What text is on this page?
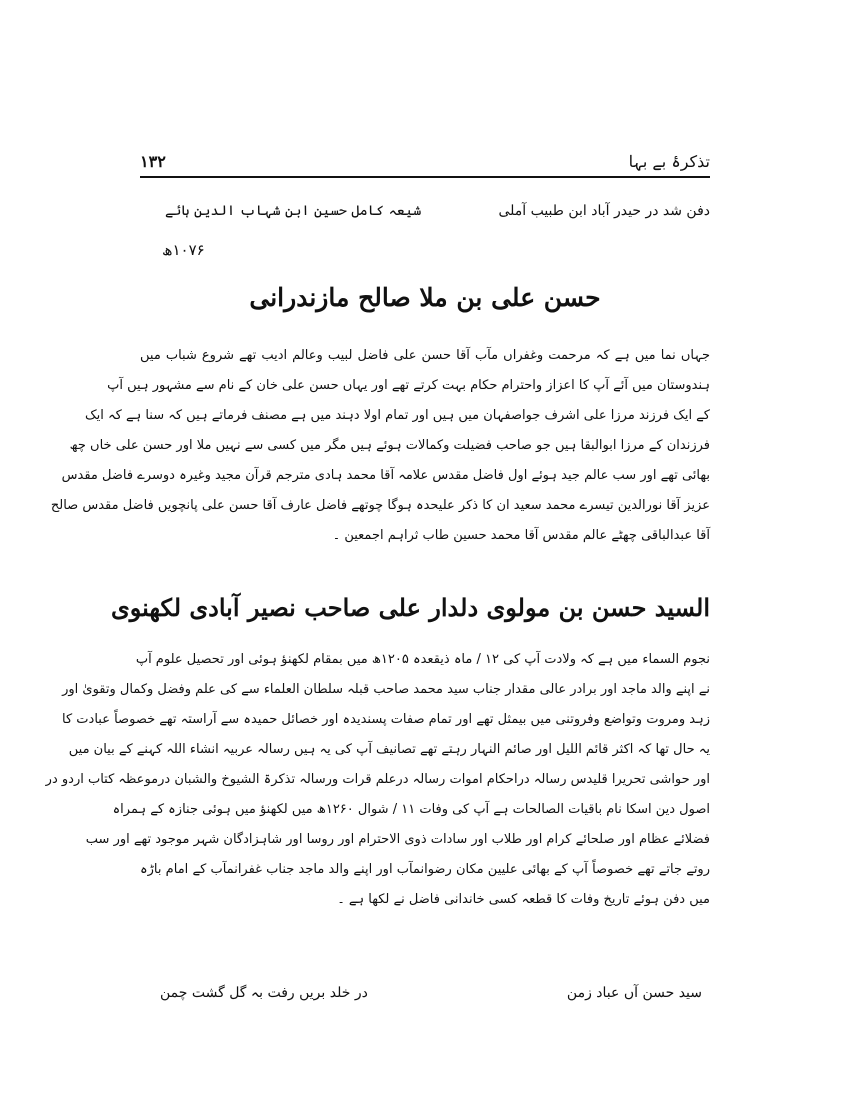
تذکرۂ بے بہا
۱۳۲
دفن شد در حیدر آباد ابن طبیب آملی
شیعہ کامل حسین ابن شہاب الدین ہائے
۱۰۷۶ھ
حسن علی بن ملا صالح مازندرانی
جہاں نما میں ہے کہ مرحمت وغفراں مآب آقا حسن علی فاضل لبیب وعالم ادیب تھے شروع شباب میں
ہندوستان میں آئے آپ کا اعزاز واحترام حکام بہت کرتے تھے اور یہاں حسن علی خان کے نام سے مشہور ہیں آپ
کے ایک فرزند مرزا علی اشرف جواصفہان میں ہیں اور تمام اولا دہند میں ہے مصنف فرماتے ہیں کہ سنا ہے کہ ایک
فرزندان کے مرزا ابوالبقا ہیں جو صاحب فضیلت وکمالات ہوئے ہیں مگر میں کسی سے نہیں ملا اور حسن علی خاں چھ
بھائی تھے اور سب عالم جید ہوئے اول فاضل مقدس علامہ آقا محمد ہادی مترجم قرآن مجید وغیرہ دوسرے فاضل مقدس
عزیز آقا نورالدین تیسرے محمد سعید ان کا ذکر علیحدہ ہوگا چوتھے فاضل عارف آقا حسن علی پانچویں فاضل مقدس صالح
آقا عبدالباقی چھٹے عالم مقدس آقا محمد حسین طاب ثراہم اجمعین ۔
السید حسن بن مولوی دلدار علی صاحب نصیر آبادی لکھنوی
نجوم السماء میں ہے کہ ولادت آپ کی ۱۲ / ماہ ذیقعدہ ۱۲۰۵ھ میں بمقام لکھنؤ ہوئی اور تحصیل علوم آپ
نے اپنے والد ماجد اور برادر عالی مقدار جناب سید محمد صاحب قبلہ سلطان العلماء سے کی علم وفضل وکمال وتقویٰ اور
زہد ومروت وتواضع وفروتنی میں بیمثل تھے اور تمام صفات پسندیدہ اور خصائل حمیدہ سے آراستہ تھے خصوصاً عبادت کا
یہ حال تھا کہ اکثر قائم اللیل اور صائم النہار رہتے تھے تصانیف آپ کی یہ ہیں رسالہ عربیہ انشاء اللہ کہنے کے بیان میں
اور حواشی تحریرا قلیدس رسالہ دراحکام اموات رسالہ درعلم قرات ورسالہ تذکرۃ الشیوخ والشبان درموعظہ کتاب اردو در
اصول دین اسکا نام باقیات الصالحات ہے آپ کی وفات ۱۱ / شوال ۱۲۶۰ھ میں لکھنؤ میں ہوئی جنازہ کے ہمراہ
فضلائے عظام اور صلحائے کرام اور طلاب اور سادات ذوی الاحترام اور روسا اور شاہزادگان شہر موجود تھے اور سب
روتے جاتے تھے خصوصاً آپ کے بھائی علیین مکان رضوانمآب اور اپنے والد ماجد جناب غفرانمآب کے امام باڑہ
میں دفن ہوئے تاریخ وفات کا قطعہ کسی خاندانی فاضل نے لکھا ہے ۔
سید حسن آں عباد زمن
در خلد بریں رفت بہ گل گشت چمن
